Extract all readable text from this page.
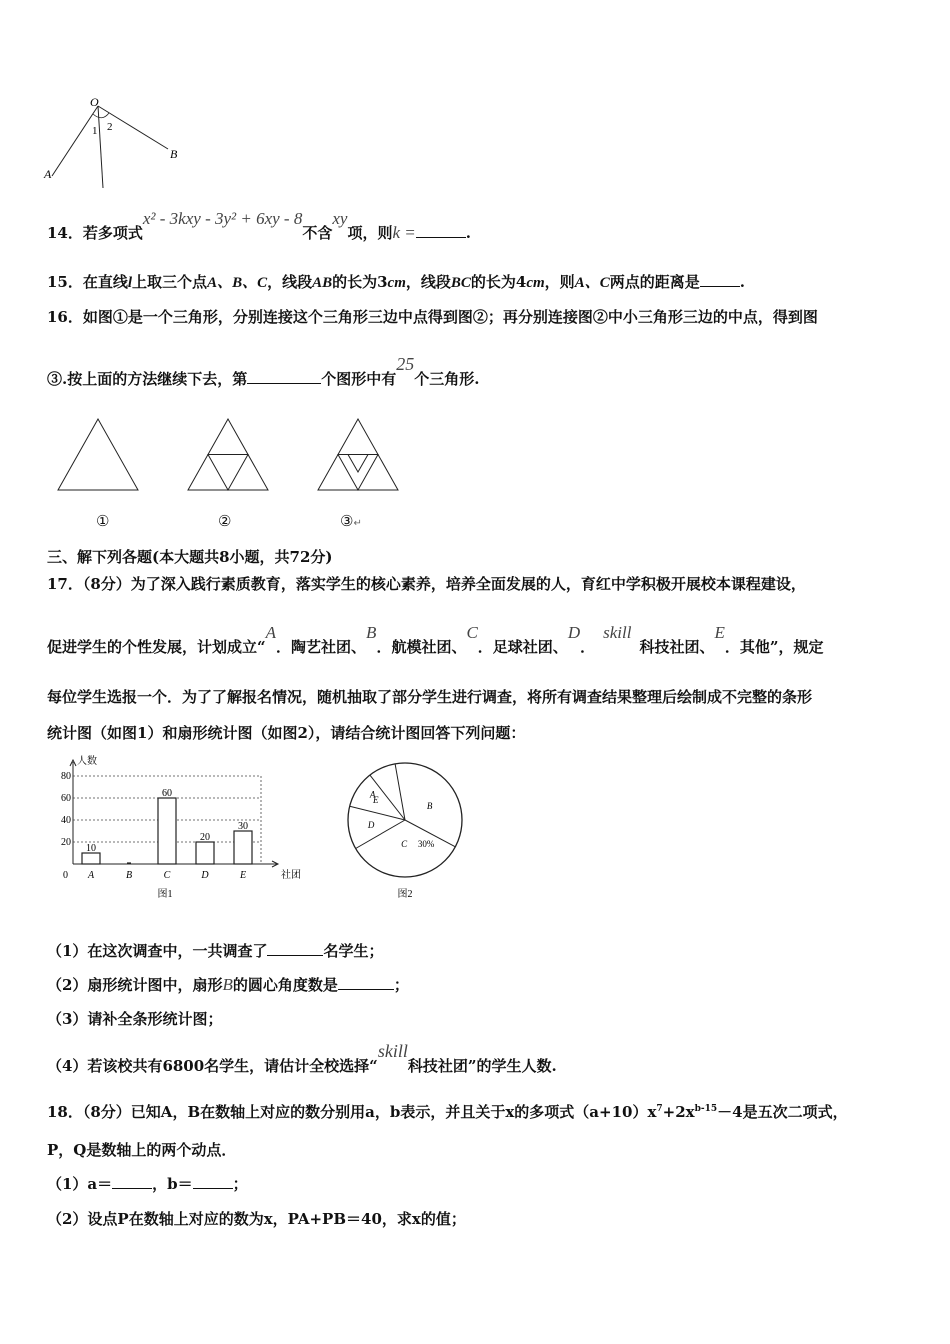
O
A
B
1 2
14．若多项式x² - 3kxy - 3y² + 6xy - 8不含xy项，则k =	.
15．在直线l上取三个点A、B、C，线段AB的长为3cm，线段BC的长为4cm，则A、C两点的距离是	.
16．如图①是一个三角形，分别连接这个三角形三边中点得到图②；再分别连接图②中小三角形三边的中点，得到图
③.按上面的方法继续下去，第	个图形中有25个三角形.
①	②	③↵
三、解下列各题(本大题共8小题，共72分)
17．（8分）为了深入践行素质教育，落实学生的核心素养，培养全面发展的人，育红中学积极开展校本课程建设，
促进学生的个性发展，计划成立“A．陶艺社团、B．航模社团、C．足球社团、D．skill科技社团、E．其他”，规定
每位学生选报一个．为了了解报名情况，随机抽取了部分学生进行调查，将所有调查结果整理后绘制成不完整的条形
统计图（如图1）和扇形统计图（如图2），请结合统计图回答下列问题：
人数
社团
0
20
40
60
80
10
A	B
60
C
20
D
30
E
图1
A
B
C 30%
D
E
图2
（1）在这次调查中，一共调查了	名学生；
（2）扇形统计图中，扇形B的圆心角度数是	；
（3）请补全条形统计图；
（4）若该校共有6800名学生，请估计全校选择“skill科技社团”的学生人数.
18．（8分）已知A，B在数轴上对应的数分别用a，b表示，并且关于x的多项式$(a+10)x^7+2x^{b-15}-4$是五次二项式，
P，Q是数轴上的两个动点．
（1）a＝	，b＝	；
（2）设点P在数轴上对应的数为x，PA+PB＝40，求x的值；
